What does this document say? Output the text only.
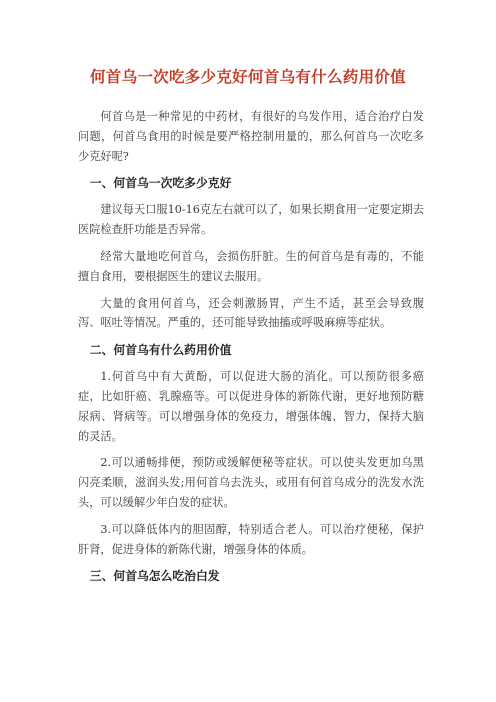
何首乌一次吃多少克好何首乌有什么药用价值

何首乌是一种常见的中药材，有很好的乌发作用，适合治疗白发问题，何首乌食用的时候是要严格控制用量的，那么何首乌一次吃多少克好呢?

一、何首乌一次吃多少克好

建议每天口服10-16克左右就可以了，如果长期食用一定要定期去医院检查肝功能是否异常。

经常大量地吃何首乌，会损伤肝脏。生的何首乌是有毒的，不能擅自食用，要根据医生的建议去服用。

大量的食用何首乌，还会刺激肠胃，产生不适，甚至会导致腹泻、呕吐等情况。严重的，还可能导致抽搐或呼吸麻痹等症状。

二、何首乌有什么药用价值

1.何首乌中有大黄酚，可以促进大肠的消化。可以预防很多癌症，比如肝癌、乳腺癌等。可以促进身体的新陈代谢，更好地预防糖尿病、肾病等。可以增强身体的免疫力，增强体魄、智力，保持大脑的灵活。

2.可以通畅排便，预防或缓解便秘等症状。可以使头发更加乌黑闪亮柔顺，滋润头发;用何首乌去洗头，或用有何首乌成分的洗发水洗头，可以缓解少年白发的症状。

3.可以降低体内的胆固醇，特别适合老人。可以治疗便秘，保护肝肾，促进身体的新陈代谢，增强身体的体质。

三、何首乌怎么吃治白发
